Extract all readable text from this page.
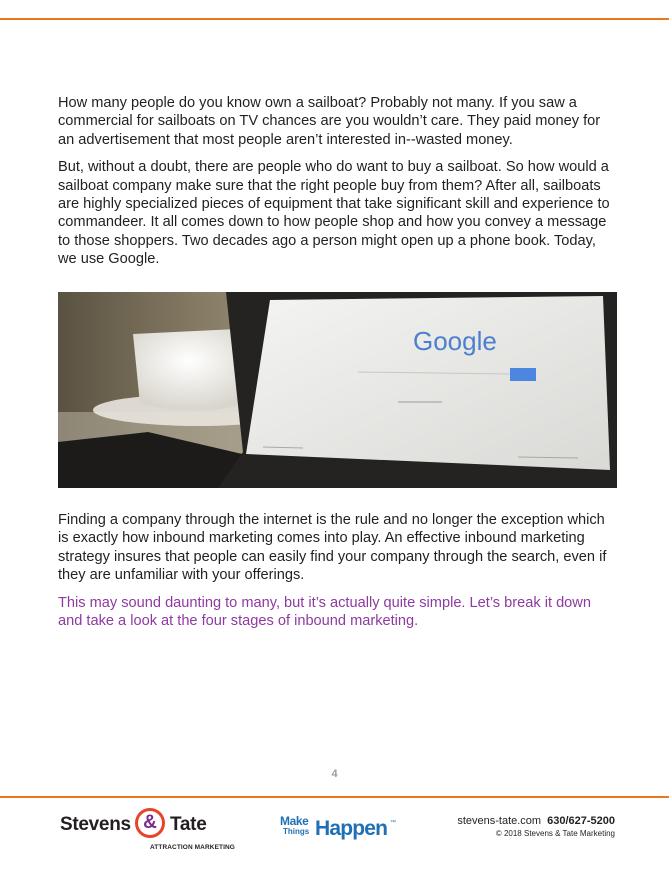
How many people do you know own a sailboat? Probably not many. If you saw a commercial for sailboats on TV chances are you wouldn’t care. They paid money for an advertisement that most people aren’t interested in--wasted money.

But, without a doubt, there are people who do want to buy a sailboat. So how would a sailboat company make sure that the right people buy from them? After all, sailboats are highly specialized pieces of equipment that take significant skill and experience to commandeer. It all comes down to how people shop and how you convey a message to those shoppers. Two decades ago a person might open up a phone book. Today, we use Google.

Google

Finding a company through the internet is the rule and no longer the exception which is exactly how inbound marketing comes into play. An effective inbound marketing strategy insures that people can easily find your company through the search, even if they are unfamiliar with your offerings.

This may sound daunting to many, but it’s actually quite simple. Let’s break it down and take a look at the four stages of inbound marketing.

4
Stevens & Tate
ATTRACTION MARKETING
Make
Things Happen ™	stevens-tate.com 630/627-5200
© 2018 Stevens & Tate Marketing
